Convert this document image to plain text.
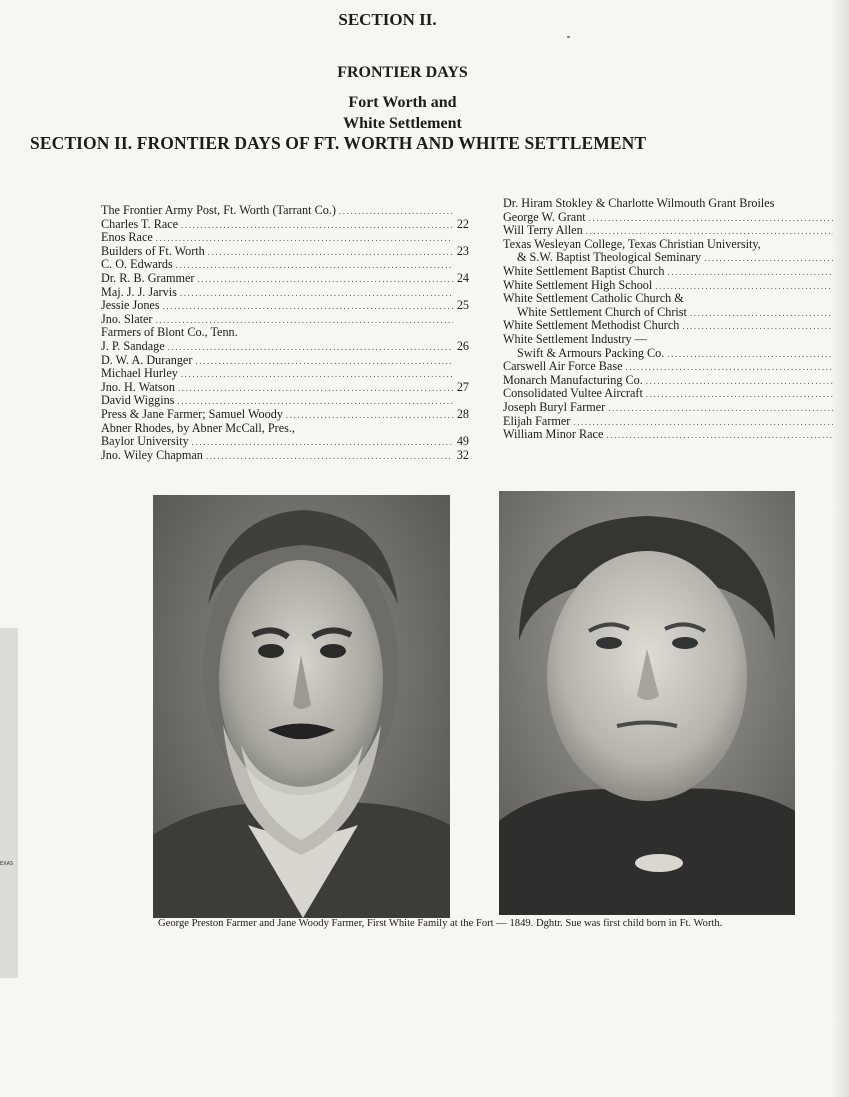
SECTION II.
FRONTIER DAYS
Fort Worth and
White Settlement
SECTION II. FRONTIER DAYS OF FT. WORTH AND WHITE SETTLEMENT
The Frontier Army Post, Ft. Worth (Tarrant Co.)
.....
Charles T. Race .....	22
Enos Race
.....
Builders of Ft. Worth .....	23
C. O. Edwards
.....
Dr. R. B. Grammer .....	24
Maj. J. J. Jarvis
.....
Jessie Jones .....	25
Jno. Slater
.....
Farmers of Blont Co., Tenn.
J. P. Sandage .....	26
D. W. A. Duranger
.....
Michael Hurley
.....
Jno. H. Watson .....	27
David Wiggins
.....
Press & Jane Farmer; Samuel Woody .....	28
Abner Rhodes, by Abner McCall, Pres.,
Baylor University .....	49
Jno. Wiley Chapman .....	32
Dr. Hiram Stokley & Charlotte Wilmouth Grant Broiles
George W. Grant
.....
Will Terry Allen
.....
Texas Wesleyan College, Texas Christian University,
& S.W. Baptist Theological Seminary
.....
White Settlement Baptist Church
.....
White Settlement High School
.....
White Settlement Catholic Church &
White Settlement Church of Christ
.....
White Settlement Methodist Church
.....
White Settlement Industry —
Swift & Armours Packing Co.
.....
Carswell Air Force Base
.....
Monarch Manufacturing Co.
.....
Consolidated Vultee Aircraft
.....
Joseph Buryl Farmer
.....
Elijah Farmer
.....
William Minor Race
.....
George Preston Farmer and Jane Woody Farmer, First White Family at the Fort — 1849. Dghtr. Sue was first child born in Ft. Worth.
EXAS
